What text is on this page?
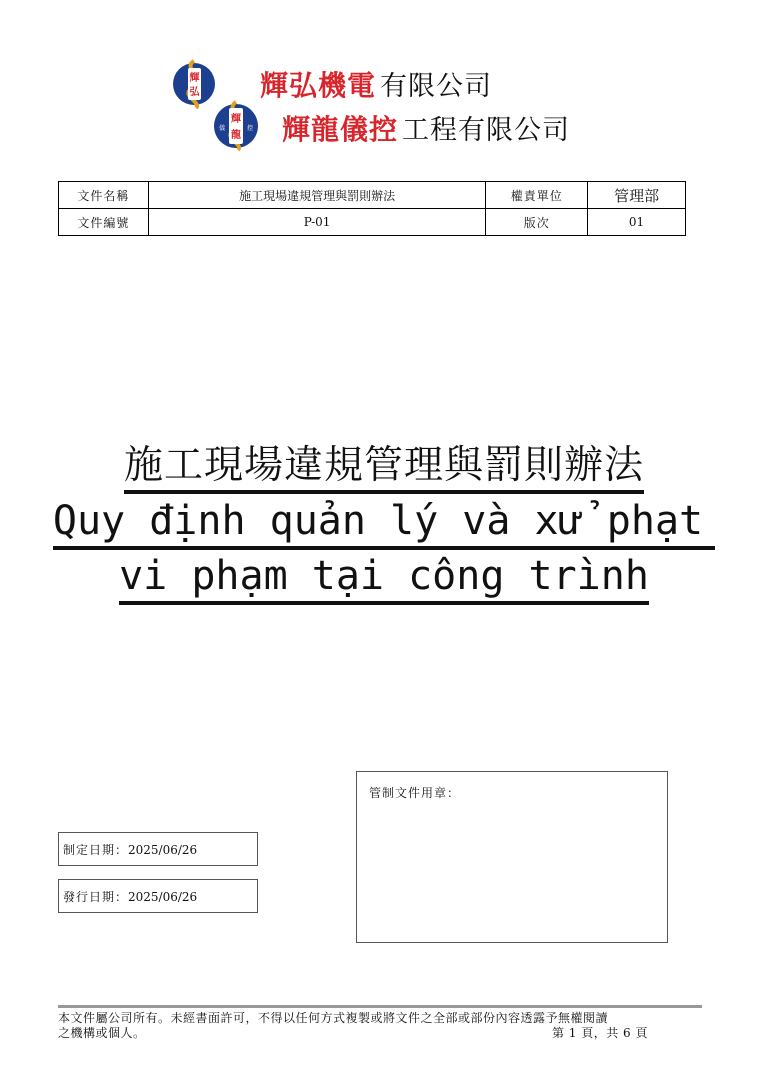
輝
弘
輝
龍
儀	控
輝弘機電 有限公司
輝龍儀控 工程有限公司
文件名稱	施工現場違規管理與罰則辦法	權責單位	管理部
文件編號	P-01	版次	01
施工現場違規管理與罰則辦法
Quy định quản lý và xử phạt
vi phạm tại công trình
管制文件用章：
制定日期：2025/06/26
發行日期：2025/06/26
本文件屬公司所有。未經書面許可，不得以任何方式複製或將文件之全部或部份內容透露予無權閱讀
之機構或個人。	第 1 頁，共 6 頁
